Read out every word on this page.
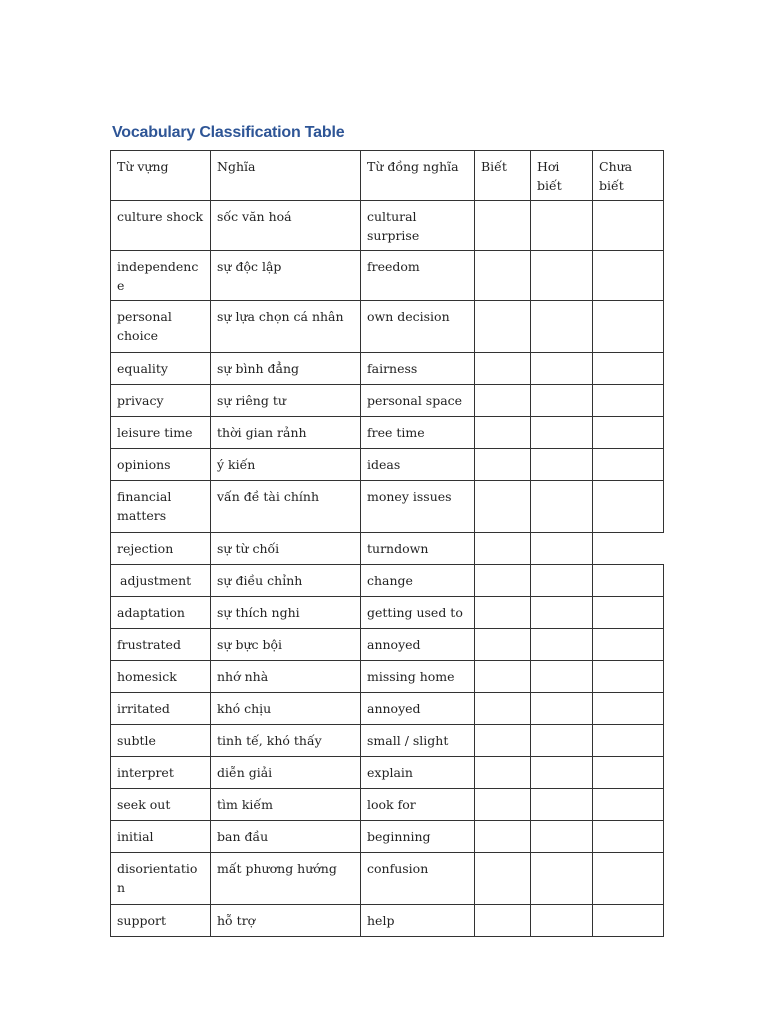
Vocabulary Classification Table
Từ vựng	Nghĩa	Từ đồng nghĩa	Biết	Hơi biết	Chưa biết
culture shock	sốc văn hoá	cultural surprise			
independence	sự độc lập	freedom			
personal choice	sự lựa chọn cá nhân	own decision			
equality	sự bình đẳng	fairness			
privacy	sự riêng tư	personal space			
leisure time	thời gian rảnh	free time			
opinions	ý kiến	ideas			
financial matters	vấn đề tài chính	money issues			
rejection	sự từ chối	turndown			
adjustment	sự điều chỉnh	change			
adaptation	sự thích nghi	getting used to			
frustrated	sự bực bội	annoyed			
homesick	nhớ nhà	missing home			
irritated	khó chịu	annoyed			
subtle	tinh tế, khó thấy	small / slight			
interpret	diễn giải	explain			
seek out	tìm kiếm	look for			
initial	ban đầu	beginning			
disorientation	mất phương hướng	confusion			
support	hỗ trợ	help			
